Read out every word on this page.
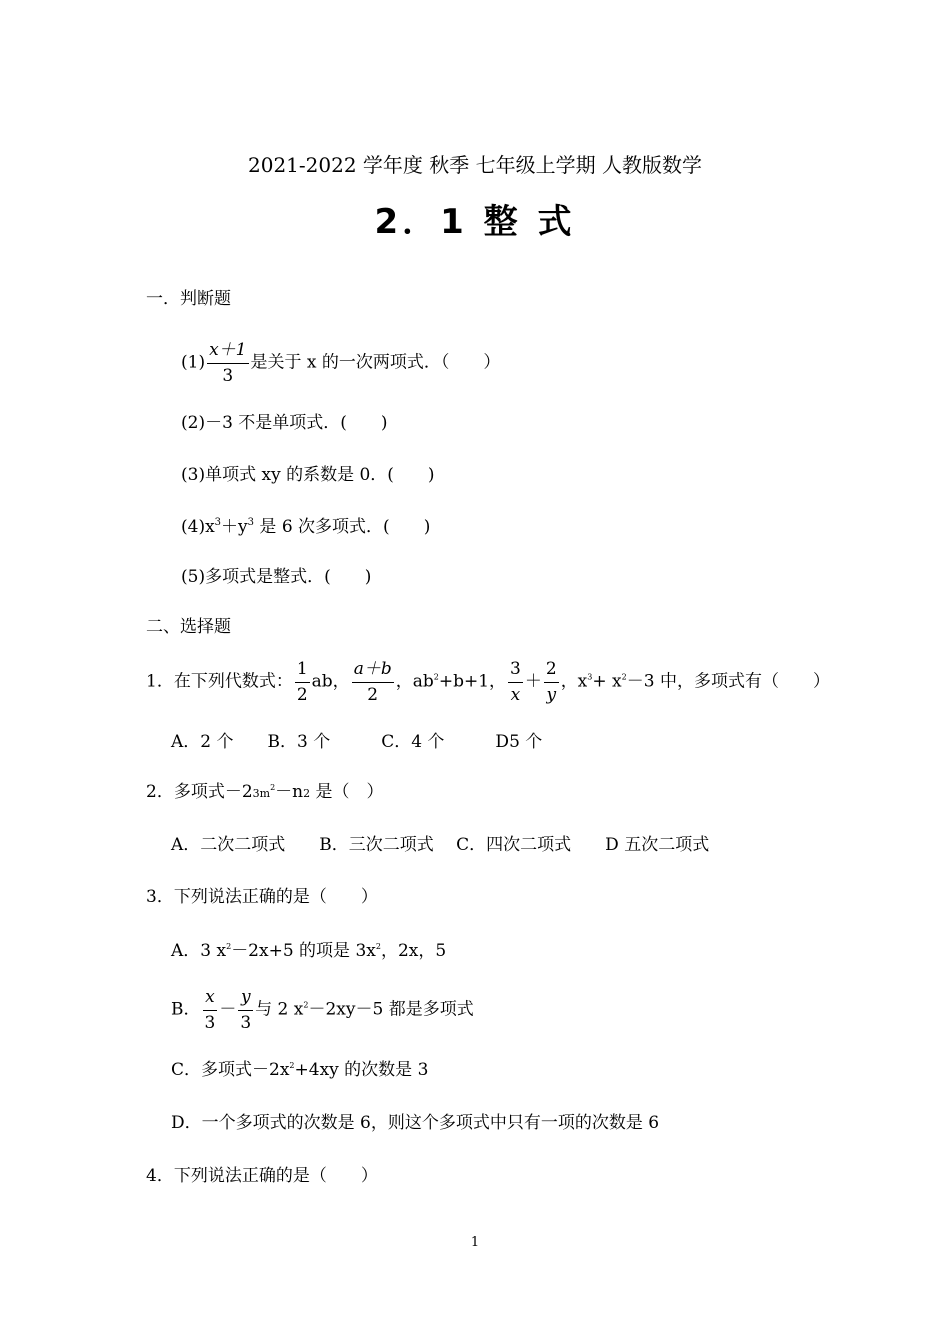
2021-2022 学年度 秋季 七年级上学期 人教版数学
2．1 整 式
一．判断题
$(1) \frac{x+1}{3}$ 是关于 x 的一次两项式．（　　）
(2)－3 不是单项式．(　　)
(3)单项式 xy 的系数是 0．(　　)
$(4)x^3+y^3$ 是 6 次多项式．(　　)
(5)多项式是整式．(　　)
二、选择题
1．在下列代数式： $\frac{1}{2}$ ab， $\frac{a+b}{2}$ ，$ab^2+b+1$， $\frac{3}{x} + \frac{2}{y}$ ，$x^3+ x^2-3$ 中，多项式有（　　）
A．2 个　　B．3 个　　　C．4 个　　　D5 个
2．多项式$-23m^2-n2$ 是（　）
A．二次二项式　　B．三次二项式　 C．四次二项式　　D 五次二项式
3．下列说法正确的是（　　）
A．3 $x^2-2x+5$ 的项是 $3x^2$，2x，5
B． $\frac{x}{3} - \frac{y}{3}$ 与 2 $x^2-2xy-5$ 都是多项式
C．多项式$-2x^2+4xy$ 的次数是 3
D．一个多项式的次数是 6，则这个多项式中只有一项的次数是 6
4．下列说法正确的是（　　）
1
